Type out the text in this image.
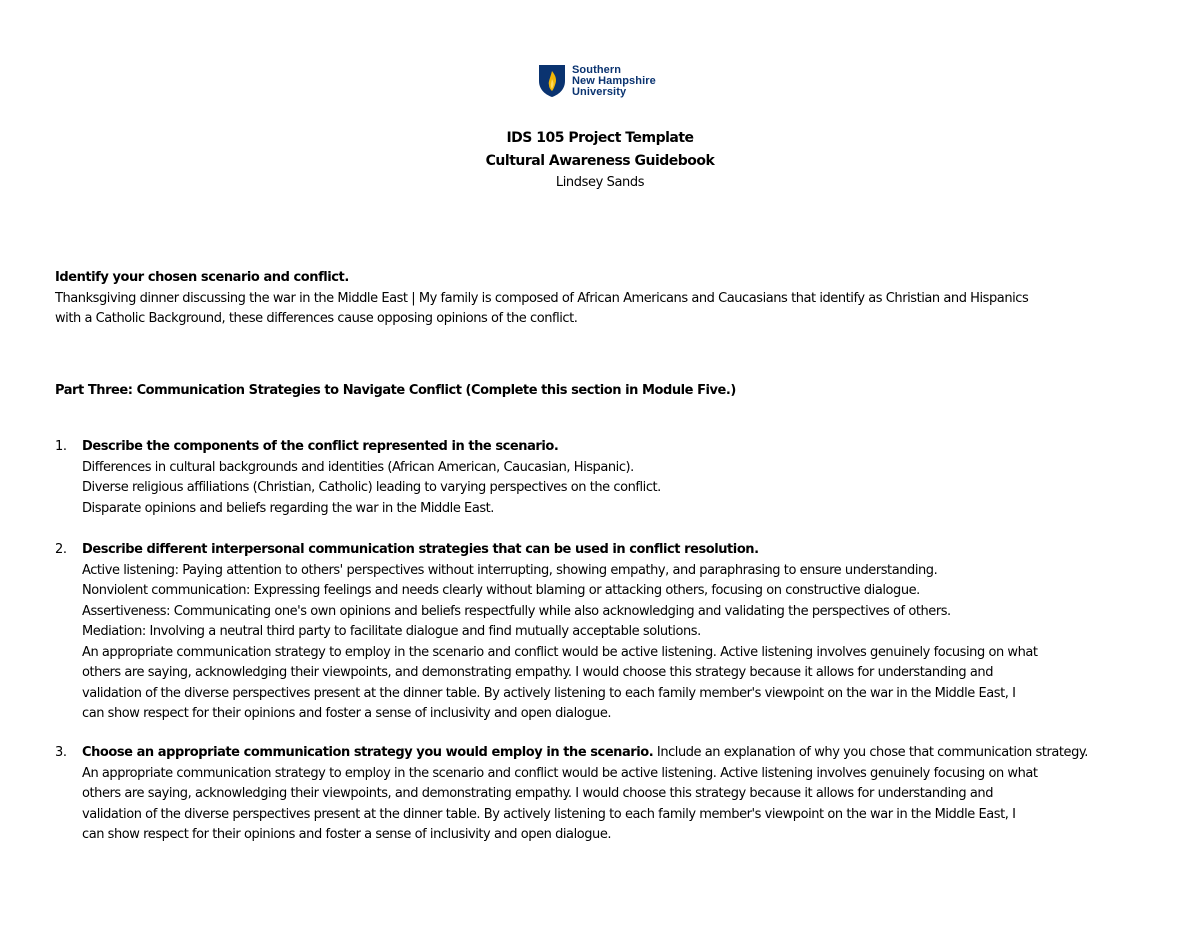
Southern
New Hampshire
University
IDS 105 Project Template
Cultural Awareness Guidebook
Lindsey Sands
Identify your chosen scenario and conflict.
Thanksgiving dinner discussing the war in the Middle East | My family is composed of African Americans and Caucasians that identify as Christian and Hispanics
with a Catholic Background, these differences cause opposing opinions of the conflict.
Part Three: Communication Strategies to Navigate Conflict (Complete this section in Module Five.)
1.	Describe the components of the conflict represented in the scenario.
Differences in cultural backgrounds and identities (African American, Caucasian, Hispanic).
Diverse religious affiliations (Christian, Catholic) leading to varying perspectives on the conflict.
Disparate opinions and beliefs regarding the war in the Middle East.
2.	Describe different interpersonal communication strategies that can be used in conflict resolution.
Active listening: Paying attention to others' perspectives without interrupting, showing empathy, and paraphrasing to ensure understanding.
Nonviolent communication: Expressing feelings and needs clearly without blaming or attacking others, focusing on constructive dialogue.
Assertiveness: Communicating one's own opinions and beliefs respectfully while also acknowledging and validating the perspectives of others.
Mediation: Involving a neutral third party to facilitate dialogue and find mutually acceptable solutions.
An appropriate communication strategy to employ in the scenario and conflict would be active listening. Active listening involves genuinely focusing on what
others are saying, acknowledging their viewpoints, and demonstrating empathy. I would choose this strategy because it allows for understanding and
validation of the diverse perspectives present at the dinner table. By actively listening to each family member's viewpoint on the war in the Middle East, I
can show respect for their opinions and foster a sense of inclusivity and open dialogue.
3.	Choose an appropriate communication strategy you would employ in the scenario. Include an explanation of why you chose that communication strategy.
An appropriate communication strategy to employ in the scenario and conflict would be active listening. Active listening involves genuinely focusing on what
others are saying, acknowledging their viewpoints, and demonstrating empathy. I would choose this strategy because it allows for understanding and
validation of the diverse perspectives present at the dinner table. By actively listening to each family member's viewpoint on the war in the Middle East, I
can show respect for their opinions and foster a sense of inclusivity and open dialogue.
